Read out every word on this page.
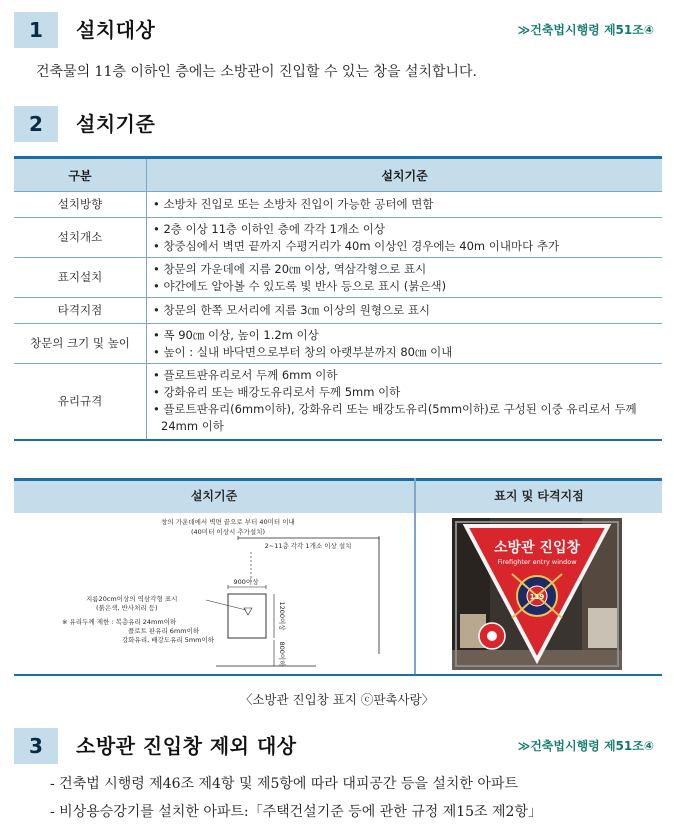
1	설치대상	≫건축법시행령 제51조④
건축물의 11층 이하인 층에는 소방관이 진입할 수 있는 창을 설치합니다.
2	설치기준
구분	설치기준
설치방향	• 소방차 진입로 또는 소방차 진입이 가능한 공터에 면함

설치개소	• 2층 이상 11층 이하인 층에 각각 1개소 이상
• 창중심에서 벽면 끝까지 수평거리가 40m 이상인 경우에는 40m 이내마다 추가

표지설치	• 창문의 가운데에 지름 20㎝ 이상, 역삼각형으로 표시
• 야간에도 알아볼 수 있도록 빛 반사 등으로 표시 (붉은색)

타격지점	• 창문의 한쪽 모서리에 지름 3㎝ 이상의 원형으로 표시

창문의 크기 및 높이	• 폭 90㎝ 이상, 높이 1.2m 이상
• 높이 : 실내 바닥면으로부터 창의 아랫부분까지 80㎝ 이내

유리규격	• 플로트판유리로서 두께 6mm 이하
• 강화유리 또는 배강도유리로서 두께 5mm 이하
• 플로트판유리(6mm이하), 강화유리 또는 배강도유리(5mm이하)로 구성된 이중 유리로서 두께 24mm 이하
설치기준	표지 및 타격지점
창의 가운데에서 벽면 끝으로 부터 40미터 이내
(40미터 이상시 추가설치)
2~11층 각각 1개소 이상 설치
900이상
1200이상
800이하
지름20cm이상의 역삼각형 표시
(붉은색, 반사처리 등)
※ 유리두께 제한 : 복층유리 24mm이하
플로트 판유리 6mm이하
강화유리, 배강도유리 5mm이하
소방관 진입창
Firefighter entry window
119
〈소방관 진입창 표지 ⓒ판촉사랑〉
3	소방관 진입창 제외 대상	≫건축법시행령 제51조④
- 건축법 시행령 제46조 제4항 및 제5항에 따라 대피공간 등을 설치한 아파트
- 비상용승강기를 설치한 아파트:「주택건설기준 등에 관한 규정 제15조 제2항」
